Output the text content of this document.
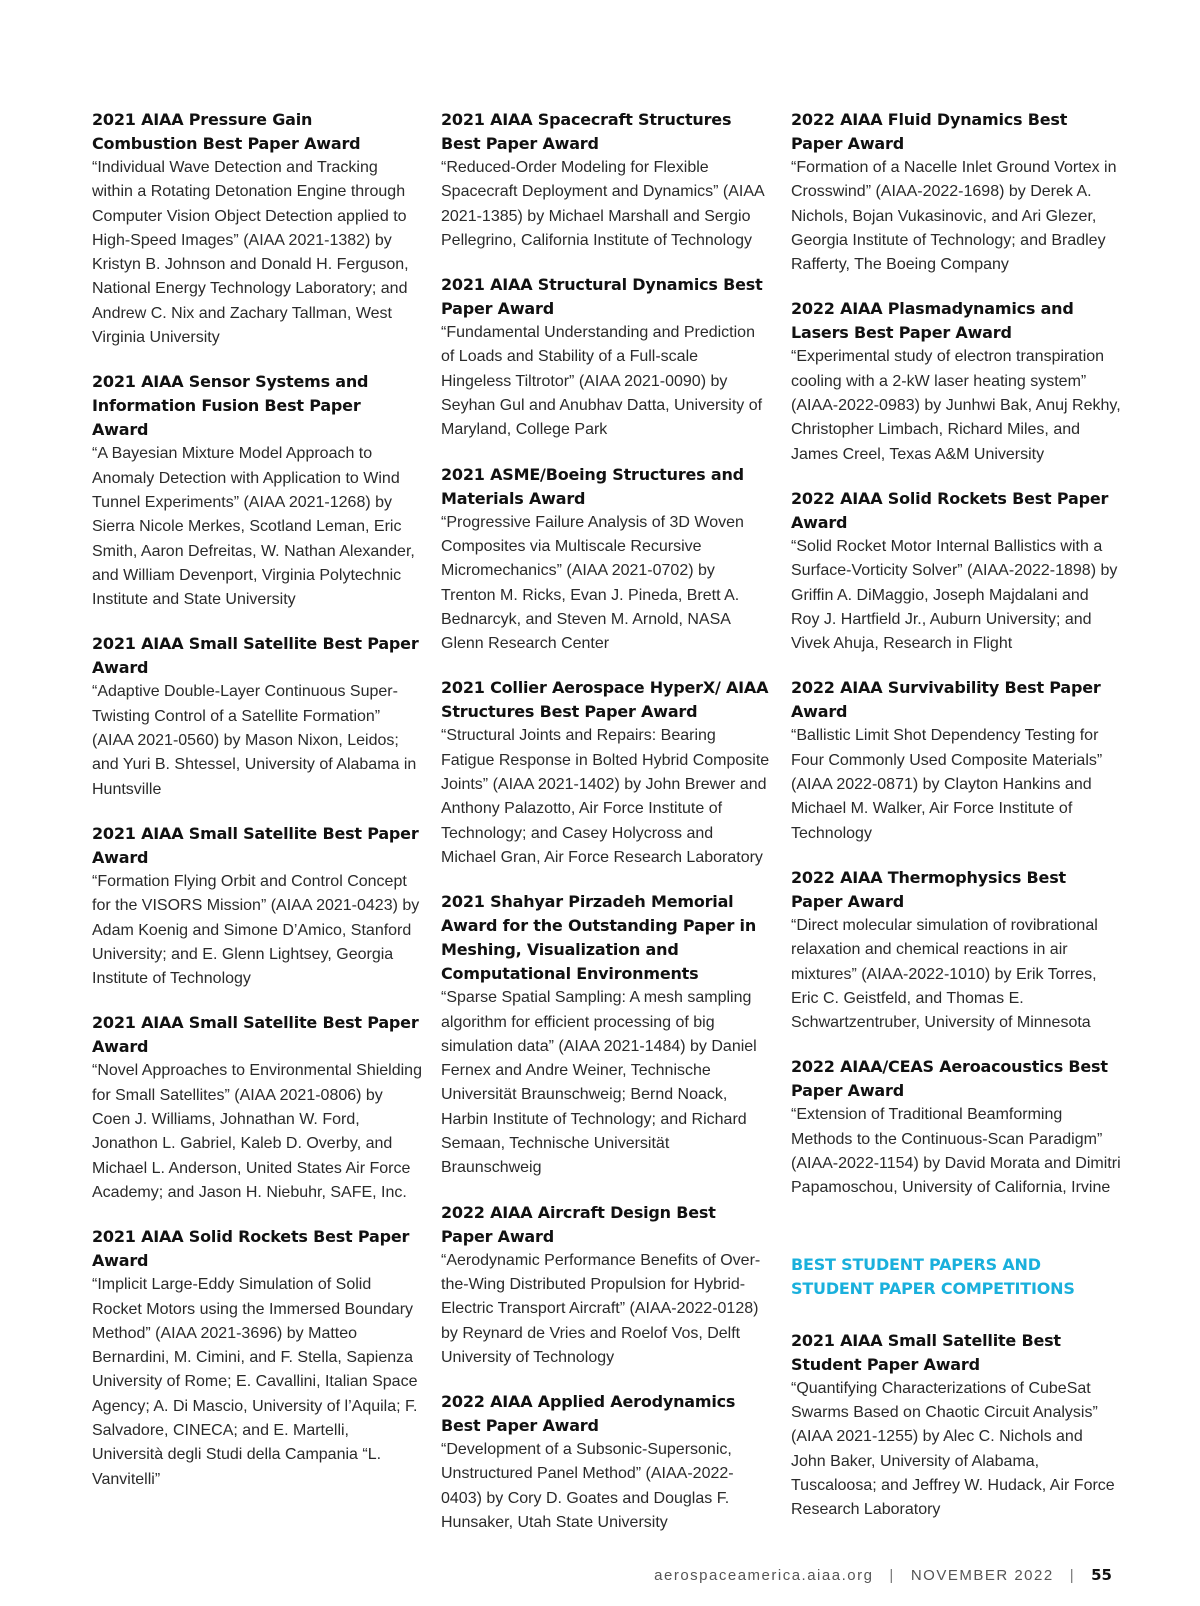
2021 AIAA Pressure Gain Combustion Best Paper Award
“Individual Wave Detection and Tracking within a Rotating Detonation Engine through Computer Vision Object Detection applied to High-Speed Images” (AIAA 2021-1382) by Kristyn B. Johnson and Donald H. Ferguson, National Energy Technology Laboratory; and Andrew C. Nix and Zachary Tallman, West Virginia University
2021 AIAA Sensor Systems and Information Fusion Best Paper Award
“A Bayesian Mixture Model Approach to Anomaly Detection with Application to Wind Tunnel Experiments” (AIAA 2021-1268) by Sierra Nicole Merkes, Scotland Leman, Eric Smith, Aaron Defreitas, W. Nathan Alexander, and William Devenport, Virginia Polytechnic Institute and State University
2021 AIAA Small Satellite Best Paper Award
“Adaptive Double-Layer Continuous Super-Twisting Control of a Satellite Formation” (AIAA 2021-0560) by Mason Nixon, Leidos; and Yuri B. Shtessel, University of Alabama in Huntsville
2021 AIAA Small Satellite Best Paper Award
“Formation Flying Orbit and Control Concept for the VISORS Mission” (AIAA 2021-0423) by Adam Koenig and Simone D’Amico, Stanford University; and E. Glenn Lightsey, Georgia Institute of Technology
2021 AIAA Small Satellite Best Paper Award
“Novel Approaches to Environmental Shielding for Small Satellites” (AIAA 2021-0806) by Coen J. Williams, Johnathan W. Ford, Jonathon L. Gabriel, Kaleb D. Overby, and Michael L. Anderson, United States Air Force Academy; and Jason H. Niebuhr, SAFE, Inc.
2021 AIAA Solid Rockets Best Paper Award
“Implicit Large-Eddy Simulation of Solid Rocket Motors using the Immersed Boundary Method” (AIAA 2021-3696) by Matteo Bernardini, M. Cimini, and F. Stella, Sapienza University of Rome; E. Cavallini, Italian Space Agency; A. Di Mascio, University of l’Aquila; F. Salvadore, CINECA; and E. Martelli, Università degli Studi della Campania “L. Vanvitelli”
2021 AIAA Spacecraft Structures Best Paper Award
“Reduced-Order Modeling for Flexible Spacecraft Deployment and Dynamics” (AIAA 2021-1385) by Michael Marshall and Sergio Pellegrino, California Institute of Technology
2021 AIAA Structural Dynamics Best Paper Award
“Fundamental Understanding and Prediction of Loads and Stability of a Full-scale Hingeless Tiltrotor” (AIAA 2021-0090) by Seyhan Gul and Anubhav Datta, University of Maryland, College Park
2021 ASME/Boeing Structures and Materials Award
“Progressive Failure Analysis of 3D Woven Composites via Multiscale Recursive Micromechanics” (AIAA 2021-0702) by Trenton M. Ricks, Evan J. Pineda, Brett A. Bednarcyk, and Steven M. Arnold, NASA Glenn Research Center
2021 Collier Aerospace HyperX/ AIAA Structures Best Paper Award
“Structural Joints and Repairs: Bearing Fatigue Response in Bolted Hybrid Composite Joints” (AIAA 2021-1402) by John Brewer and Anthony Palazotto, Air Force Institute of Technology; and Casey Holycross and Michael Gran, Air Force Research Laboratory
2021 Shahyar Pirzadeh Memorial Award for the Outstanding Paper in Meshing, Visualization and Computational Environments
“Sparse Spatial Sampling: A mesh sampling algorithm for efficient processing of big simulation data” (AIAA 2021-1484) by Daniel Fernex and Andre Weiner, Technische Universität Braunschweig; Bernd Noack, Harbin Institute of Technology; and Richard Semaan, Technische Universität Braunschweig
2022 AIAA Aircraft Design Best Paper Award
“Aerodynamic Performance Benefits of Over-the-Wing Distributed Propulsion for Hybrid-Electric Transport Aircraft” (AIAA-2022-0128) by Reynard de Vries and Roelof Vos, Delft University of Technology
2022 AIAA Applied Aerodynamics Best Paper Award
“Development of a Subsonic-Supersonic, Unstructured Panel Method” (AIAA-2022-0403) by Cory D. Goates and Douglas F. Hunsaker, Utah State University
2022 AIAA Fluid Dynamics Best Paper Award
“Formation of a Nacelle Inlet Ground Vortex in Crosswind” (AIAA-2022-1698) by Derek A. Nichols, Bojan Vukasinovic, and Ari Glezer, Georgia Institute of Technology; and Bradley Rafferty, The Boeing Company
2022 AIAA Plasmadynamics and Lasers Best Paper Award
“Experimental study of electron transpiration cooling with a 2-kW laser heating system” (AIAA-2022-0983) by Junhwi Bak, Anuj Rekhy, Christopher Limbach, Richard Miles, and James Creel, Texas A&M University
2022 AIAA Solid Rockets Best Paper Award
“Solid Rocket Motor Internal Ballistics with a Surface-Vorticity Solver” (AIAA-2022-1898) by Griffin A. DiMaggio, Joseph Majdalani and Roy J. Hartfield Jr., Auburn University; and Vivek Ahuja, Research in Flight
2022 AIAA Survivability Best Paper Award
“Ballistic Limit Shot Dependency Testing for Four Commonly Used Composite Materials” (AIAA 2022-0871) by Clayton Hankins and Michael M. Walker, Air Force Institute of Technology
2022 AIAA Thermophysics Best Paper Award
“Direct molecular simulation of rovibrational relaxation and chemical reactions in air mixtures” (AIAA-2022-1010) by Erik Torres, Eric C. Geistfeld, and Thomas E. Schwartzentruber, University of Minnesota
2022 AIAA/CEAS Aeroacoustics Best Paper Award
“Extension of Traditional Beamforming Methods to the Continuous-Scan Paradigm” (AIAA-2022-1154) by David Morata and Dimitri Papamoschou, University of California, Irvine
BEST STUDENT PAPERS AND STUDENT PAPER COMPETITIONS
2021 AIAA Small Satellite Best Student Paper Award
“Quantifying Characterizations of CubeSat Swarms Based on Chaotic Circuit Analysis” (AIAA 2021-1255) by Alec C. Nichols and John Baker, University of Alabama, Tuscaloosa; and Jeffrey W. Hudack, Air Force Research Laboratory
aerospaceamerica.aiaa.org | NOVEMBER 2022 | 55
